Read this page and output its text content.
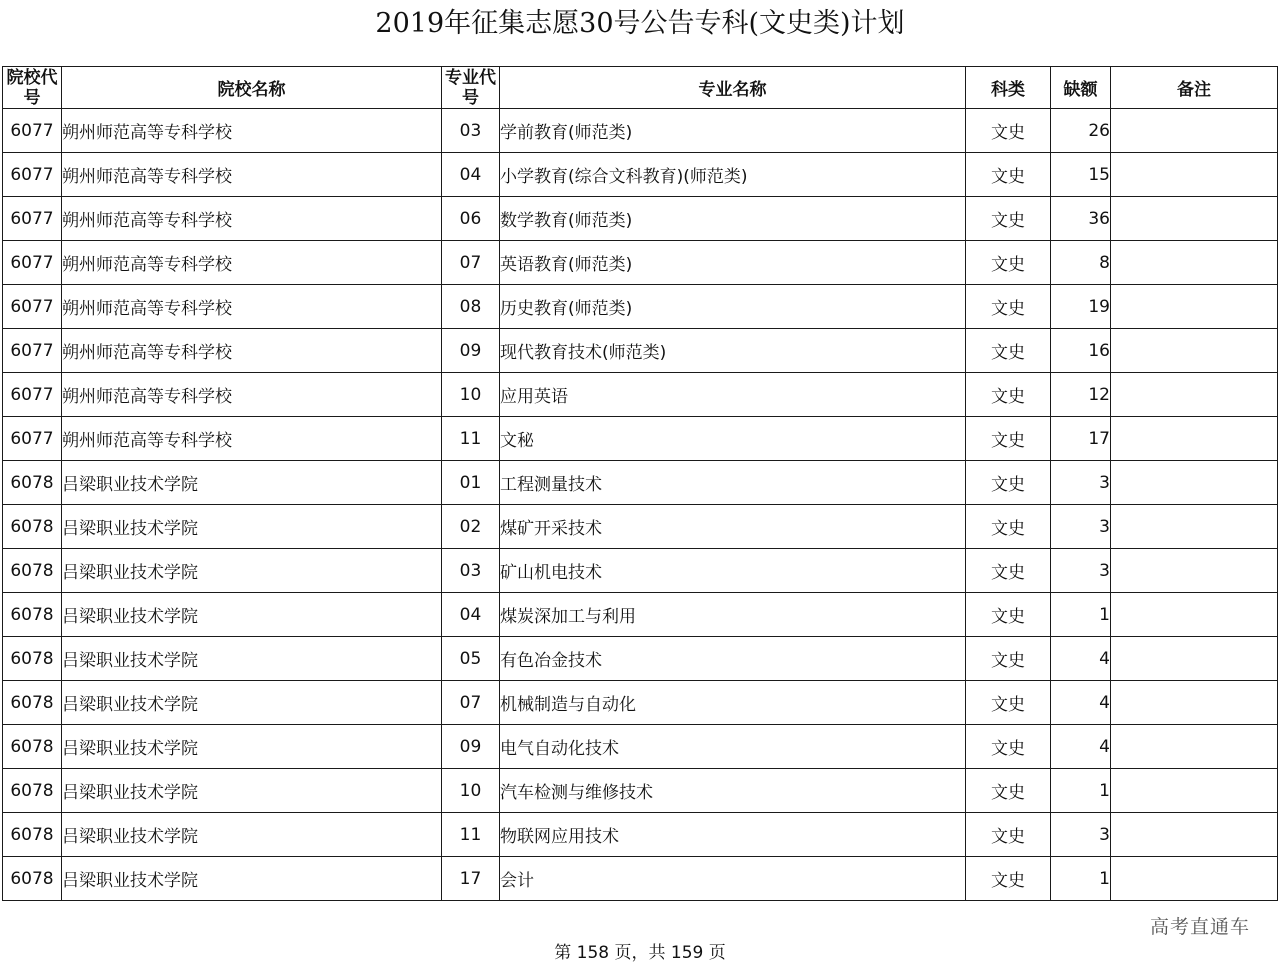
2019年征集志愿30号公告专科(文史类)计划
院校代号	院校名称	专业代号	专业名称	科类	缺额	备注
6077	朔州师范高等专科学校	03	学前教育(师范类)	文史	26	
6077	朔州师范高等专科学校	04	小学教育(综合文科教育)(师范类)	文史	15	
6077	朔州师范高等专科学校	06	数学教育(师范类)	文史	36	
6077	朔州师范高等专科学校	07	英语教育(师范类)	文史	8	
6077	朔州师范高等专科学校	08	历史教育(师范类)	文史	19	
6077	朔州师范高等专科学校	09	现代教育技术(师范类)	文史	16	
6077	朔州师范高等专科学校	10	应用英语	文史	12	
6077	朔州师范高等专科学校	11	文秘	文史	17	
6078	吕梁职业技术学院	01	工程测量技术	文史	3	
6078	吕梁职业技术学院	02	煤矿开采技术	文史	3	
6078	吕梁职业技术学院	03	矿山机电技术	文史	3	
6078	吕梁职业技术学院	04	煤炭深加工与利用	文史	1	
6078	吕梁职业技术学院	05	有色冶金技术	文史	4	
6078	吕梁职业技术学院	07	机械制造与自动化	文史	4	
6078	吕梁职业技术学院	09	电气自动化技术	文史	4	
6078	吕梁职业技术学院	10	汽车检测与维修技术	文史	1	
6078	吕梁职业技术学院	11	物联网应用技术	文史	3	
6078	吕梁职业技术学院	17	会计	文史	1	
高考直通车
第 158 页，共 159 页
